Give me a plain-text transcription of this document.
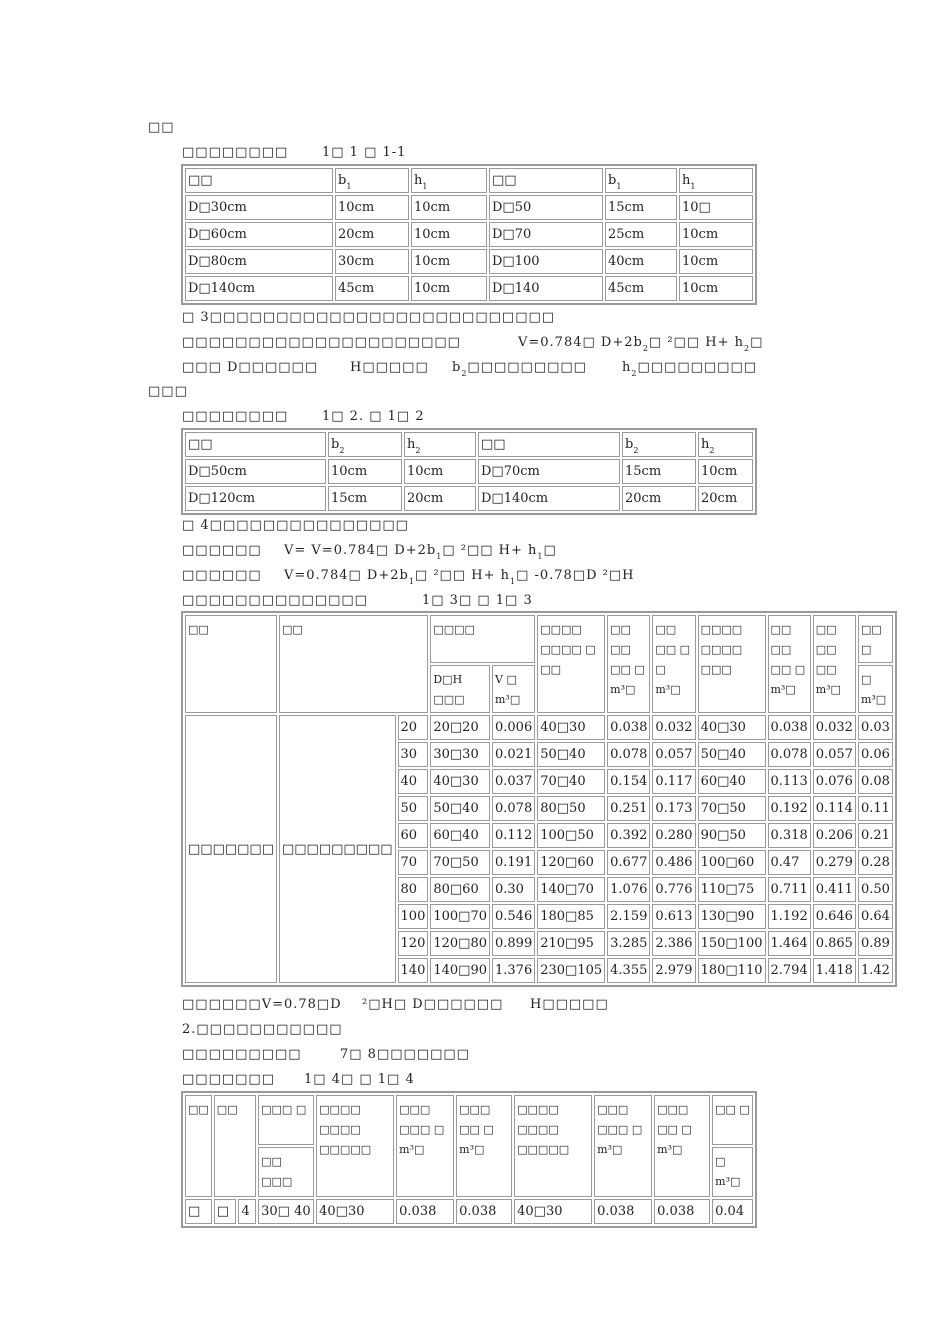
□□
□□□□□□□□	1□ 1 □ 1-1
□□	$b_1$	$h_1$	□□	$b_1$	$h_1$
D□30cm	10cm	10cm	D□50	15cm	10□
D□60cm	20cm	10cm	D□70	25cm	10cm
D□80cm	30cm	10cm	D□100	40cm	10cm
D□140cm	45cm	10cm	D□140	45cm	10cm
□ 3□□□□□□□□□□□□□□□□□□□□□□□□□□
□□□□□□□□□□□□□□□□□□□□□	V=0.784□ $D+2b_2□$ ²□□ $H+ h_2□$
□□□ D□□□□□□ H□□□□□ $b_2□□□□□□□□□$	$h_2□□□□□□□□□$
□□□
□□□□□□□□	1□ 2. □ 1□ 2
□□	$b_2$	$h_2$	□□	$b_2$	$h_2$
D□50cm	10cm	10cm	D□70cm	15cm	10cm
D□120cm	15cm	20cm	D□140cm	20cm	20cm
□ 4□□□□□□□□□□□□□□□
□□□□□□ V= V=0.784□ $D+2b_1□$ ²□□ $H+ h_1□$
□□□□□□ V=0.784□ $D+2b_1□$ ²□□ $H+ h_1□$ -0.78□D ²□H
□□□□□□□□□□□□□□	1□ 3□ □ 1□ 3
□□	□□		□□□□		□□□□ □□□□ □ □□	□□ □□ □□ □ m³□	□□ □□ □ □ m³□	□□□□ □□□□ □□□	□□ □□ □□ □ m³□	□□ □□ □□ m³□	□□ □
			D□H □□□	V □ m³□							□ m³□
□□□□□□□	□□□□□□□□□	20	20□20	0.006	40□30	0.038	0.032	40□30	0.038	0.032	0.03
		30	30□30	0.021	50□40	0.078	0.057	50□40	0.078	0.057	0.06
		40	40□30	0.037	70□40	0.154	0.117	60□40	0.113	0.076	0.08
		50	50□40	0.078	80□50	0.251	0.173	70□50	0.192	0.114	0.11
		60	60□40	0.112	100□50	0.392	0.280	90□50	0.318	0.206	0.21
		70	70□50	0.191	120□60	0.677	0.486	100□60	0.47	0.279	0.28
		80	80□60	0.30	140□70	1.076	0.776	110□75	0.711	0.411	0.50
		100	100□70	0.546	180□85	2.159	0.613	130□90	1.192	0.646	0.64
		120	120□80	0.899	210□95	3.285	2.386	150□100	1.464	0.865	0.89
		140	140□90	1.376	230□105	4.355	2.979	180□110	2.794	1.418	1.42
□□□□□□V=0.78□D ²□H□ D□□□□□□ H□□□□□
2.□□□□□□□□□□□
□□□□□□□□□	7□ 8□□□□□□□
□□□□□□□ 1□ 4□ □ 1□ 4
□□	□□		□□□ □	□□□□ □□□□ □□□□□	□□□ □□□ □ m³□	□□□ □□ □ m³□	□□□□ □□□□ □□□□□	□□□ □□□ □ m³□	□□□ □□ □ m³□	□□ □
			□□ □□□							□ m³□
□	□	4	30□ 40	40□30	0.038	0.038	40□30	0.038	0.038	0.04
